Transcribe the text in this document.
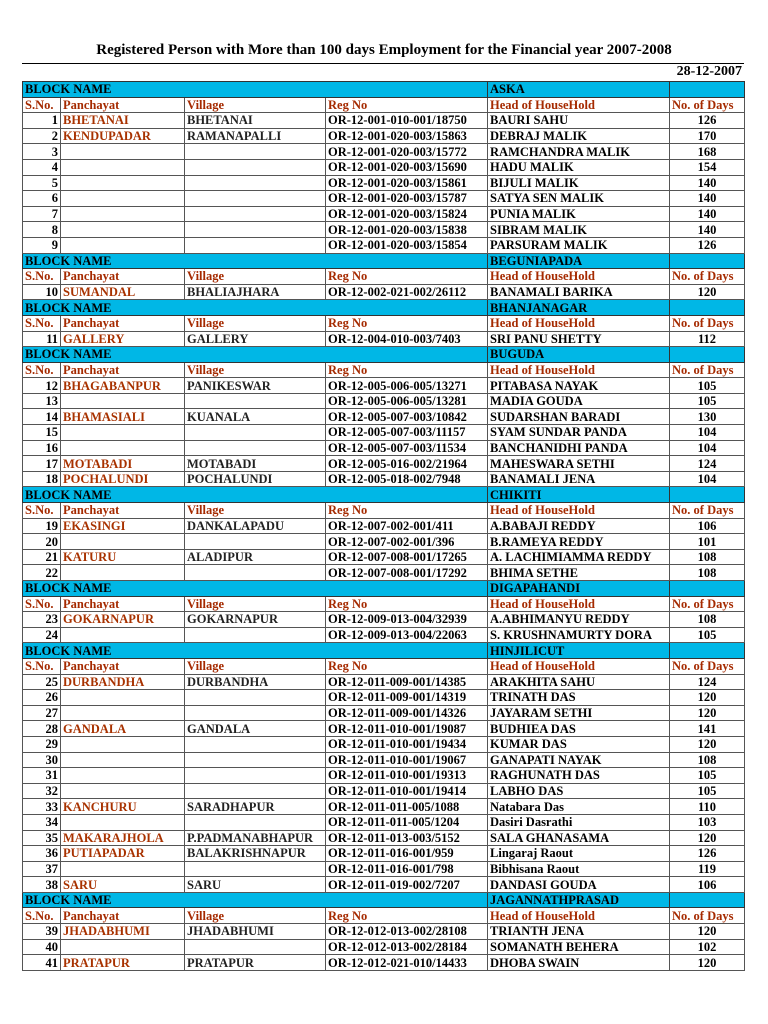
Registered Person with More than 100 days Employment for the Financial year 2007-2008
28-12-2007
BLOCK NAME				ASKA	
S.No.	Panchayat	Village	Reg No	Head of HouseHold	No. of Days
1	BHETANAI	BHETANAI	OR-12-001-010-001/18750	BAURI SAHU	126
2	KENDUPADAR	RAMANAPALLI	OR-12-001-020-003/15863	DEBRAJ MALIK	170
3			OR-12-001-020-003/15772	RAMCHANDRA MALIK	168
4			OR-12-001-020-003/15690	HADU MALIK	154
5			OR-12-001-020-003/15861	BIJULI MALIK	140
6			OR-12-001-020-003/15787	SATYA SEN MALIK	140
7			OR-12-001-020-003/15824	PUNIA MALIK	140
8			OR-12-001-020-003/15838	SIBRAM MALIK	140
9			OR-12-001-020-003/15854	PARSURAM MALIK	126
BLOCK NAME				BEGUNIAPADA	
S.No.	Panchayat	Village	Reg No	Head of HouseHold	No. of Days
10	SUMANDAL	BHALIAJHARA	OR-12-002-021-002/26112	BANAMALI BARIKA	120
BLOCK NAME				BHANJANAGAR	
S.No.	Panchayat	Village	Reg No	Head of HouseHold	No. of Days
11	GALLERY	GALLERY	OR-12-004-010-003/7403	SRI PANU SHETTY	112
BLOCK NAME				BUGUDA	
S.No.	Panchayat	Village	Reg No	Head of HouseHold	No. of Days
12	BHAGABANPUR	PANIKESWAR	OR-12-005-006-005/13271	PITABASA NAYAK	105
13			OR-12-005-006-005/13281	MADIA GOUDA	105
14	BHAMASIALI	KUANALA	OR-12-005-007-003/10842	SUDARSHAN BARADI	130
15			OR-12-005-007-003/11157	SYAM SUNDAR PANDA	104
16			OR-12-005-007-003/11534	BANCHANIDHI PANDA	104
17	MOTABADI	MOTABADI	OR-12-005-016-002/21964	MAHESWARA SETHI	124
18	POCHALUNDI	POCHALUNDI	OR-12-005-018-002/7948	BANAMALI JENA	104
BLOCK NAME				CHIKITI	
S.No.	Panchayat	Village	Reg No	Head of HouseHold	No. of Days
19	EKASINGI	DANKALAPADU	OR-12-007-002-001/411	A.BABAJI REDDY	106
20			OR-12-007-002-001/396	B.RAMEYA REDDY	101
21	KATURU	ALADIPUR	OR-12-007-008-001/17265	A. LACHIMIAMMA REDDY	108
22			OR-12-007-008-001/17292	BHIMA SETHE	108
BLOCK NAME				DIGAPAHANDI	
S.No.	Panchayat	Village	Reg No	Head of HouseHold	No. of Days
23	GOKARNAPUR	GOKARNAPUR	OR-12-009-013-004/32939	A.ABHIMANYU REDDY	108
24			OR-12-009-013-004/22063	S. KRUSHNAMURTY DORA	105
BLOCK NAME				HINJILICUT	
S.No.	Panchayat	Village	Reg No	Head of HouseHold	No. of Days
25	DURBANDHA	DURBANDHA	OR-12-011-009-001/14385	ARAKHITA SAHU	124
26			OR-12-011-009-001/14319	TRINATH DAS	120
27			OR-12-011-009-001/14326	JAYARAM SETHI	120
28	GANDALA	GANDALA	OR-12-011-010-001/19087	BUDHIEA DAS	141
29			OR-12-011-010-001/19434	KUMAR DAS	120
30			OR-12-011-010-001/19067	GANAPATI NAYAK	108
31			OR-12-011-010-001/19313	RAGHUNATH DAS	105
32			OR-12-011-010-001/19414	LABHO DAS	105
33	KANCHURU	SARADHAPUR	OR-12-011-011-005/1088	Natabara Das	110
34			OR-12-011-011-005/1204	Dasiri Dasrathi	103
35	MAKARAJHOLA	P.PADMANABHAPUR	OR-12-011-013-003/5152	SALA GHANASAMA	120
36	PUTIAPADAR	BALAKRISHNAPUR	OR-12-011-016-001/959	Lingaraj Raout	126
37			OR-12-011-016-001/798	Bibhisana Raout	119
38	SARU	SARU	OR-12-011-019-002/7207	DANDASI GOUDA	106
BLOCK NAME				JAGANNATHPRASAD	
S.No.	Panchayat	Village	Reg No	Head of HouseHold	No. of Days
39	JHADABHUMI	JHADABHUMI	OR-12-012-013-002/28108	TRIANTH JENA	120
40			OR-12-012-013-002/28184	SOMANATH BEHERA	102
41	PRATAPUR	PRATAPUR	OR-12-012-021-010/14433	DHOBA SWAIN	120
